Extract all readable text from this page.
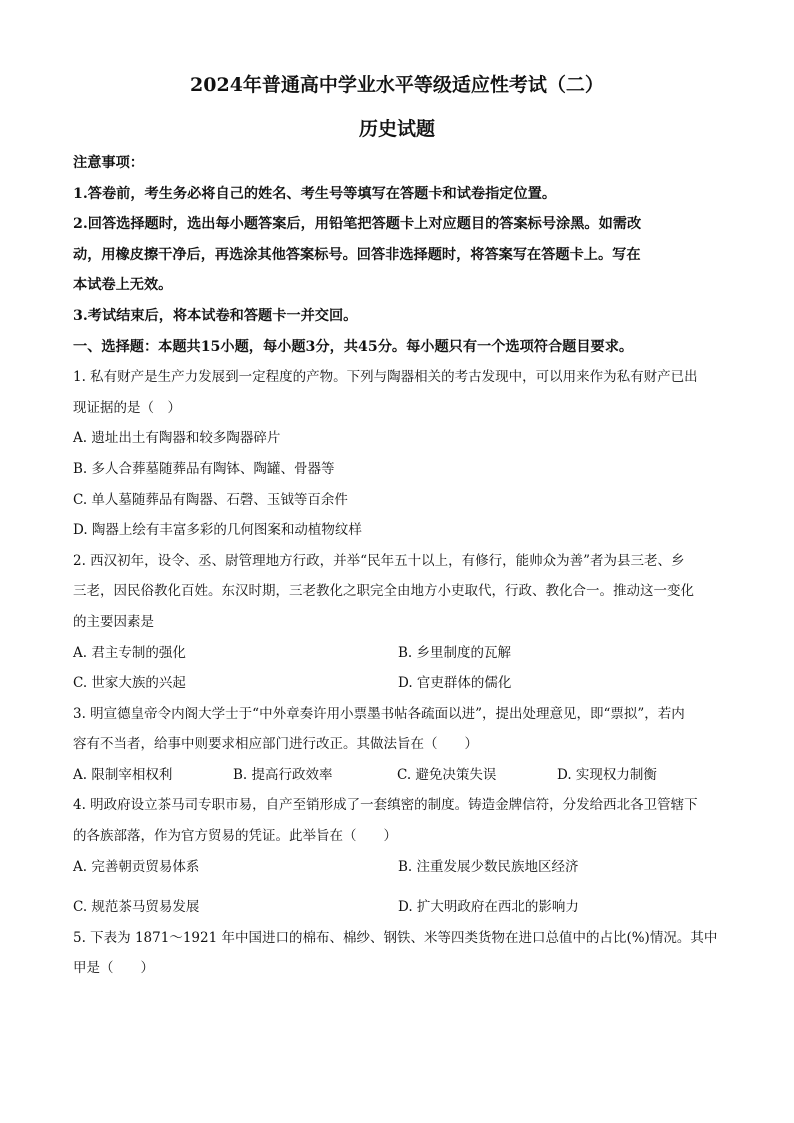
2024年普通高中学业水平等级适应性考试（二）
历史试题
注意事项：
1.答卷前，考生务必将自己的姓名、考生号等填写在答题卡和试卷指定位置。
2.回答选择题时，选出每小题答案后，用铅笔把答题卡上对应题目的答案标号涂黑。如需改
动，用橡皮擦干净后，再选涂其他答案标号。回答非选择题时，将答案写在答题卡上。写在
本试卷上无效。
3.考试结束后，将本试卷和答题卡一并交回。
一、选择题：本题共15小题，每小题3分，共45分。每小题只有一个选项符合题目要求。
1. 私有财产是生产力发展到一定程度的产物。下列与陶器相关的考古发现中，可以用来作为私有财产已出
现证据的是（　）
A. 遗址出土有陶器和较多陶器碎片
B. 多人合葬墓随葬品有陶钵、陶罐、骨器等
C. 单人墓随葬品有陶器、石磬、玉钺等百余件
D. 陶器上绘有丰富多彩的几何图案和动植物纹样
2. 西汉初年，设令、丞、尉管理地方行政，并举“民年五十以上，有修行，能帅众为善”者为县三老、乡
三老，因民俗教化百姓。东汉时期，三老教化之职完全由地方小吏取代，行政、教化合一。推动这一变化
的主要因素是
A. 君主专制的强化	B. 乡里制度的瓦解
C. 世家大族的兴起	D. 官吏群体的儒化
3. 明宣德皇帝令内阁大学士于“中外章奏许用小票墨书帖各疏面以进”，提出处理意见，即“票拟”，若内
容有不当者，给事中则要求相应部门进行改正。其做法旨在（　　）
A. 限制宰相权利	B. 提高行政效率	C. 避免决策失误	D. 实现权力制衡
4. 明政府设立茶马司专职市易，自产至销形成了一套缜密的制度。铸造金牌信符，分发给西北各卫管辖下
的各族部落，作为官方贸易的凭证。此举旨在（　　）
A. 完善朝贡贸易体系	B. 注重发展少数民族地区经济
C. 规范茶马贸易发展	D. 扩大明政府在西北的影响力
5. 下表为 1871～1921 年中国进口的棉布、棉纱、钢铁、米等四类货物在进口总值中的占比(%)情况。其中
甲是（　　）
